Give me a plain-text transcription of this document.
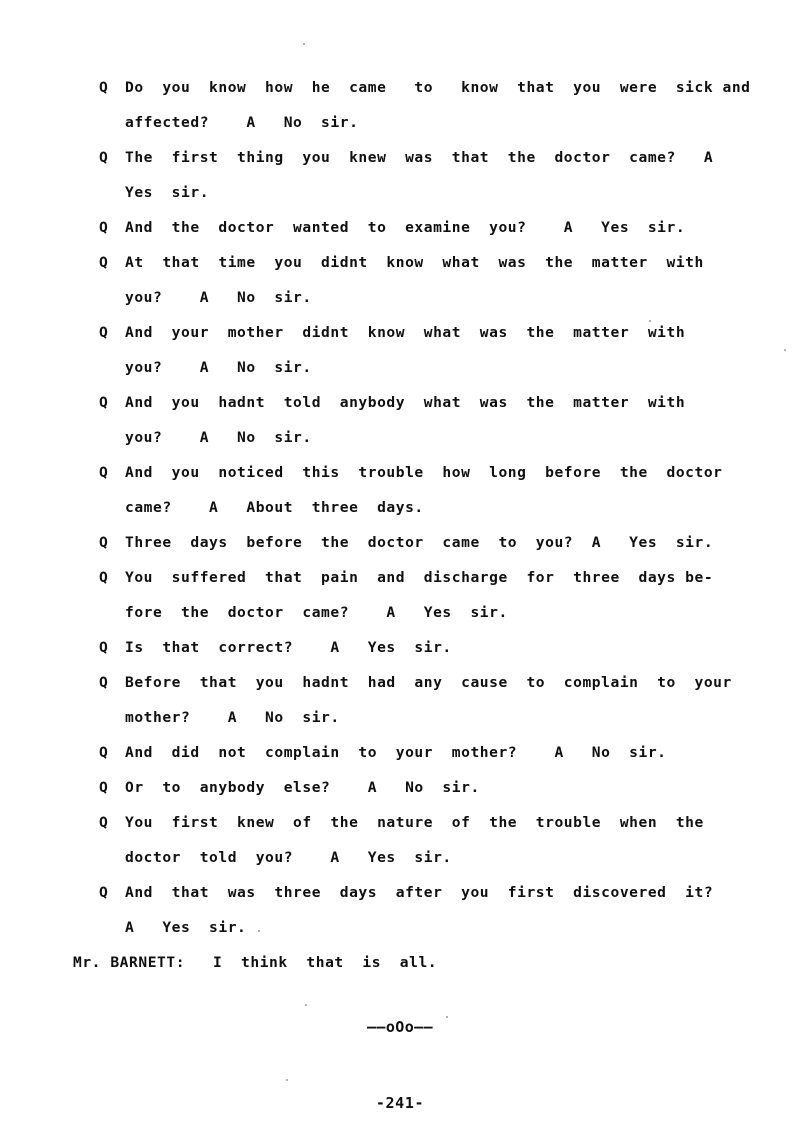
Q Do  you  know  how  he  came   to   know  that  you  were  sick and
affected?    A   No  sir.
Q The  first  thing  you  knew  was  that  the  doctor  came?   A
Yes  sir.
Q And  the  doctor  wanted  to  examine  you?    A   Yes  sir.
Q At  that  time  you  didnt  know  what  was  the  matter  with
you?    A   No  sir.
Q And  your  mother  didnt  know  what  was  the  matter  with
you?    A   No  sir.
Q And  you  hadnt  told  anybody  what  was  the  matter  with
you?    A   No  sir.
Q And  you  noticed  this  trouble  how  long  before  the  doctor
came?    A   About  three  days.
Q Three  days  before  the  doctor  came  to  you?  A   Yes  sir.
Q You  suffered  that  pain  and  discharge  for  three  days be-
fore  the  doctor  came?    A   Yes  sir.
Q Is  that  correct?    A   Yes  sir.
Q Before  that  you  hadnt  had  any  cause  to  complain  to  your
mother?    A   No  sir.
Q And  did  not  complain  to  your  mother?    A   No  sir.
Q Or  to  anybody  else?    A   No  sir.
Q You  first  knew  of  the  nature  of  the  trouble  when  the
doctor  told  you?    A   Yes  sir.
Q And  that  was  three  days  after  you  first  discovered  it?
A   Yes  sir.
Mr. BARNETT:   I  think  that  is  all.
——oOo——
-241-
